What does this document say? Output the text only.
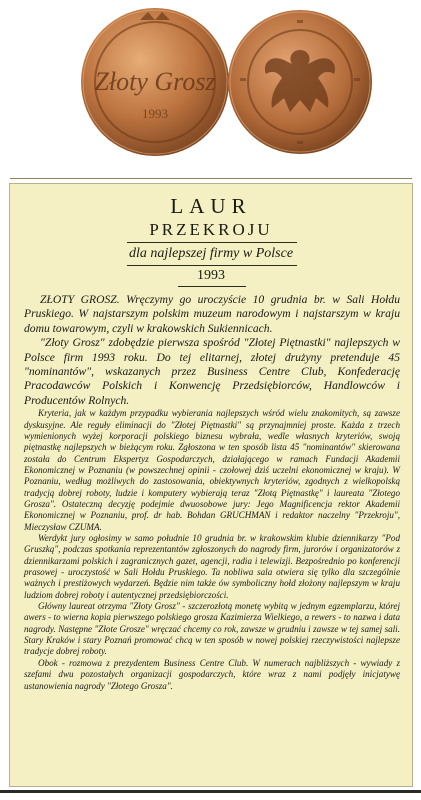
Złoty Grosz
1993
LAUR
PRZEKROJU
dla najlepszej firmy w Polsce
1993

ZŁOTY GROSZ. Wręczymy go uroczyście 10 grudnia br. w Sali Hołdu Pruskiego. W najstarszym polskim muzeum narodowym i najstarszym w kraju domu towarowym, czyli w krakowskich Sukiennicach.

"Złoty Grosz" zdobędzie pierwsza spośród "Złotej Piętnastki" najlepszych w Polsce firm 1993 roku. Do tej elitarnej, złotej drużyny pretenduje 45 "nominantów", wskazanych przez Business Centre Club, Konfederację Pracodawców Polskich i Konwencję Przedsiębiorców, Handlowców i Producentów Rolnych.

Kryteria, jak w każdym przypadku wybierania najlepszych wśród wielu znakomitych, są zawsze dyskusyjne. Ale reguły eliminacji do "Złotej Piętnastki" są przynajmniej proste. Każda z trzech wymienionych wyżej korporacji polskiego biznesu wybrała, wedle własnych kryteriów, swoją piętnastkę najlepszych w bieżącym roku. Zgłoszona w ten sposób lista 45 "nominantów" skierowana została do Centrum Ekspertyz Gospodarczych, działającego w ramach Fundacji Akademii Ekonomicznej w Poznaniu (w powszechnej opinii - czołowej dziś uczelni ekonomicznej w kraju). W Poznaniu, według możliwych do zastosowania, obiektywnych kryteriów, zgodnych z wielkopolską tradycją dobrej roboty, ludzie i komputery wybierają teraz "Złotą Piętnastkę" i laureata "Złotego Grosza". Ostateczną decyzję podejmie dwuosobowe jury: Jego Magnificencja rektor Akademii Ekonomicznej w Poznaniu, prof. dr hab. Bohdan GRUCHMAN i redaktor naczelny "Przekroju", Mieczysław CZUMA.

Werdykt jury ogłosimy w samo południe 10 grudnia br. w krakowskim klubie dziennikarzy "Pod Gruszką", podczas spotkania reprezentantów zgłoszonych do nagrody firm, jurorów i organizatorów z dziennikarzami polskich i zagranicznych gazet, agencji, radia i telewizji. Bezpośrednio po konferencji prasowej - uroczystość w Sali Hołdu Pruskiego. Ta nobliwa sala otwiera się tylko dla szczególnie ważnych i prestiżowych wydarzeń. Będzie nim także ów symboliczny hołd złożony najlepszym w kraju ludziom dobrej roboty i autentycznej przedsiębiorczości.

Główny laureat otrzyma "Złoty Grosz" - szczerozłotą monetę wybitą w jednym egzemplarzu, której awers - to wierna kopia pierwszego polskiego grosza Kazimierza Wielkiego, a rewers - to nazwa i data nagrody. Następne "Złote Grosze" wręczać chcemy co rok, zawsze w grudniu i zawsze w tej samej sali. Stary Kraków i stary Poznań promować chcą w ten sposób w nowej polskiej rzeczywistości najlepsze tradycje dobrej roboty.

Obok - rozmowa z prezydentem Business Centre Club. W numerach najbliższych - wywiady z szefami dwu pozostałych organizacji gospodarczych, które wraz z nami podjęły inicjatywę ustanowienia nagrody "Złotego Grosza".
